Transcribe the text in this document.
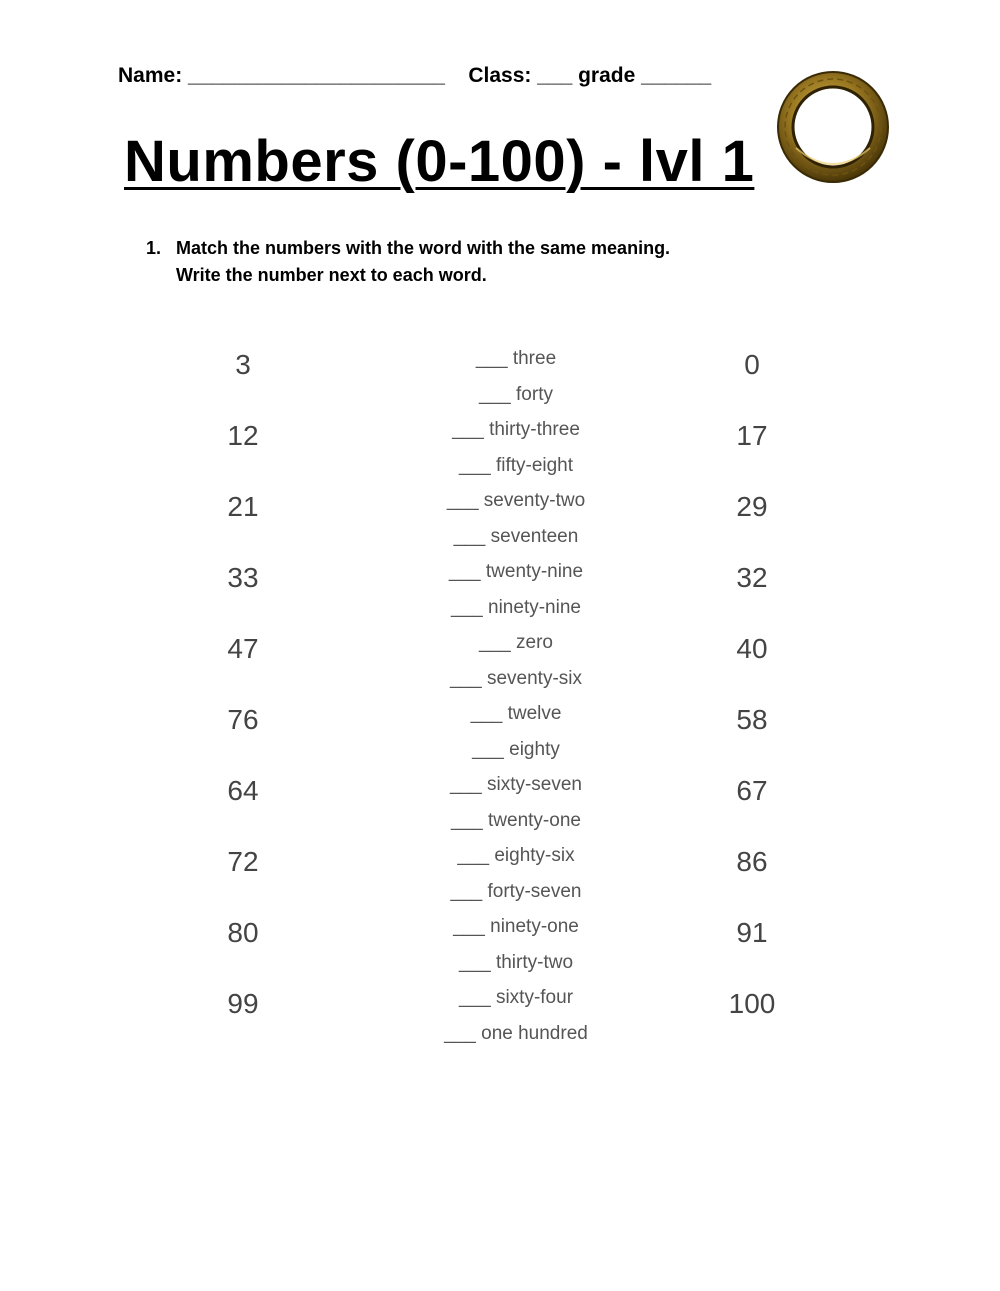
Name: ______________________ Class: ___ grade ______
Numbers (0-100) - lvl 1
1. Match the numbers with the word with the same meaning.
Write the number next to each word.
3
12
21
33
47
76
64
72
80
99
0
17
29
32
40
58
67
86
91
100
___ three
___ forty
___ thirty-three
___ fifty-eight
___ seventy-two
___ seventeen
___ twenty-nine
___ ninety-nine
___ zero
___ seventy-six
___ twelve
___ eighty
___ sixty-seven
___ twenty-one
___ eighty-six
___ forty-seven
___ ninety-one
___ thirty-two
___ sixty-four
___ one hundred
